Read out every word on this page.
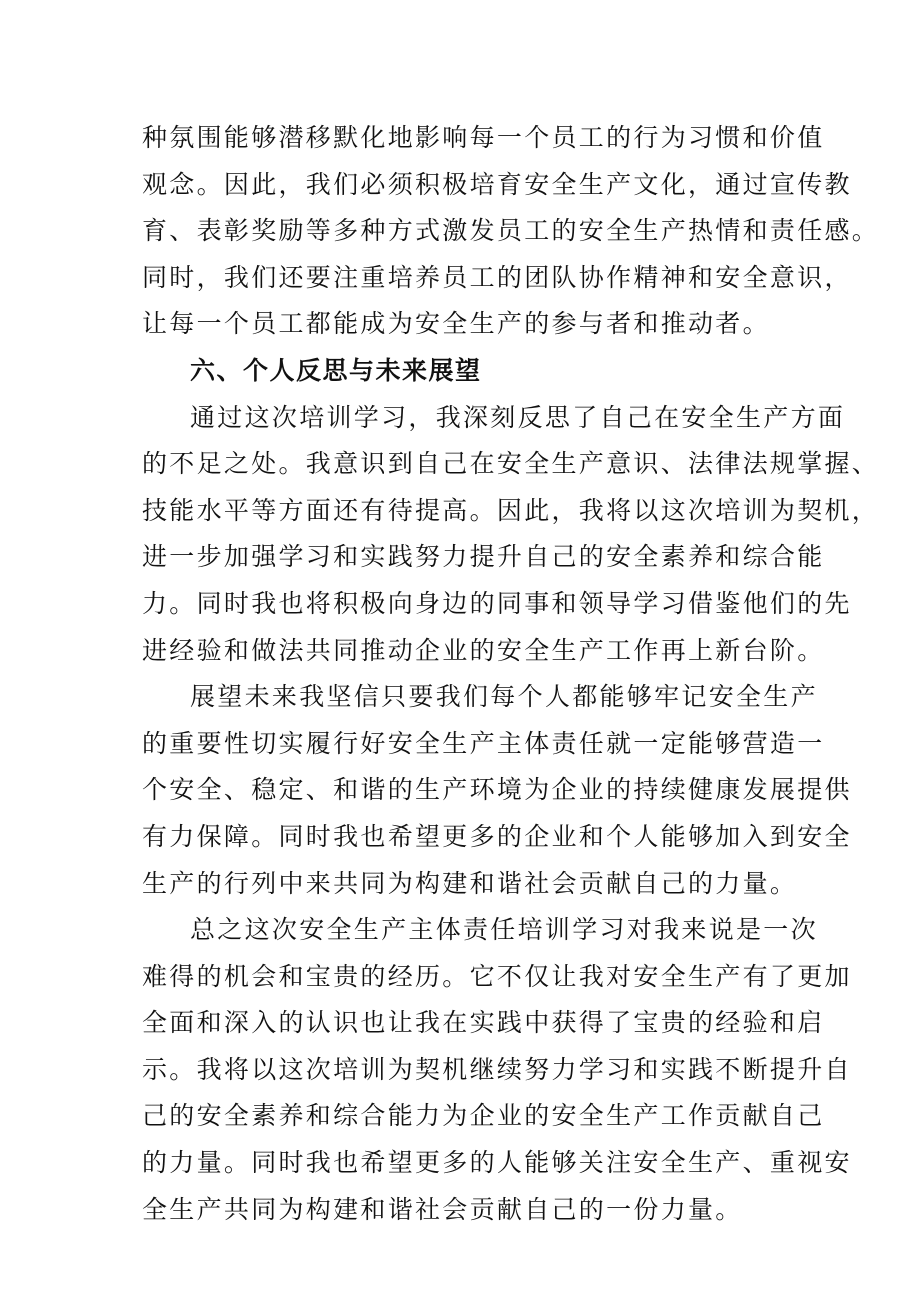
种氛围能够潜移默化地影响每一个员工的行为习惯和价值
观念。因此，我们必须积极培育安全生产文化，通过宣传教
育、表彰奖励等多种方式激发员工的安全生产热情和责任感。
同时，我们还要注重培养员工的团队协作精神和安全意识，
让每一个员工都能成为安全生产的参与者和推动者。
六、个人反思与未来展望
通过这次培训学习，我深刻反思了自己在安全生产方面
的不足之处。我意识到自己在安全生产意识、法律法规掌握、
技能水平等方面还有待提高。因此，我将以这次培训为契机，
进一步加强学习和实践努力提升自己的安全素养和综合能
力。同时我也将积极向身边的同事和领导学习借鉴他们的先
进经验和做法共同推动企业的安全生产工作再上新台阶。
展望未来我坚信只要我们每个人都能够牢记安全生产
的重要性切实履行好安全生产主体责任就一定能够营造一
个安全、稳定、和谐的生产环境为企业的持续健康发展提供
有力保障。同时我也希望更多的企业和个人能够加入到安全
生产的行列中来共同为构建和谐社会贡献自己的力量。
总之这次安全生产主体责任培训学习对我来说是一次
难得的机会和宝贵的经历。它不仅让我对安全生产有了更加
全面和深入的认识也让我在实践中获得了宝贵的经验和启
示。我将以这次培训为契机继续努力学习和实践不断提升自
己的安全素养和综合能力为企业的安全生产工作贡献自己
的力量。同时我也希望更多的人能够关注安全生产、重视安
全生产共同为构建和谐社会贡献自己的一份力量。
